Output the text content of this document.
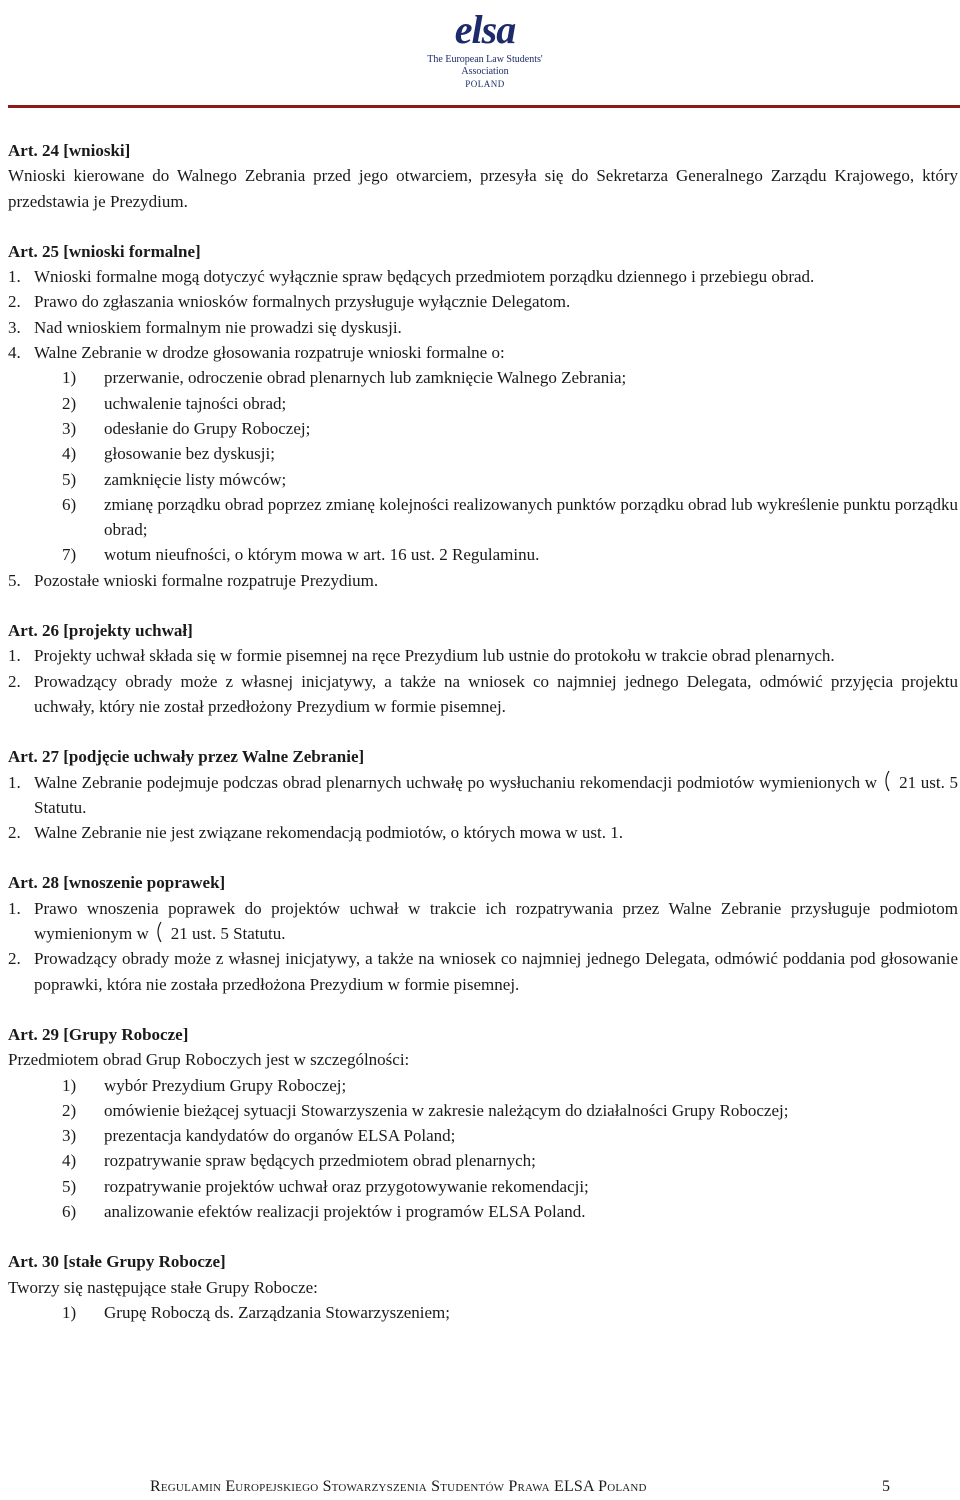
elsa
The European Law Students' Association
POLAND
Art. 24 [wnioski]
Wnioski kierowane do Walnego Zebrania przed jego otwarciem, przesyła się do Sekretarza Generalnego Zarządu Krajowego, który przedstawia je Prezydium.
Art. 25 [wnioski formalne]
1. Wnioski formalne mogą dotyczyć wyłącznie spraw będących przedmiotem porządku dziennego i przebiegu obrad.
2. Prawo do zgłaszania wniosków formalnych przysługuje wyłącznie Delegatom.
3. Nad wnioskiem formalnym nie prowadzi się dyskusji.
4. Walne Zebranie w drodze głosowania rozpatruje wnioski formalne o:
1) przerwanie, odroczenie obrad plenarnych lub zamknięcie Walnego Zebrania;
2) uchwalenie tajności obrad;
3) odesłanie do Grupy Roboczej;
4) głosowanie bez dyskusji;
5) zamknięcie listy mówców;
6) zmianę porządku obrad poprzez zmianę kolejności realizowanych punktów porządku obrad lub wykreślenie punktu porządku obrad;
7) wotum nieufności, o którym mowa w art. 16 ust. 2 Regulaminu.
5. Pozostałe wnioski formalne rozpatruje Prezydium.
Art. 26 [projekty uchwał]
1. Projekty uchwał składa się w formie pisemnej na ręce Prezydium lub ustnie do protokołu w trakcie obrad plenarnych.
2. Prowadzący obrady może z własnej inicjatywy, a także na wniosek co najmniej jednego Delegata, odmówić przyjęcia projektu uchwały, który nie został przedłożony Prezydium w formie pisemnej.
Art. 27 [podjęcie uchwały przez Walne Zebranie]
1. Walne Zebranie podejmuje podczas obrad plenarnych uchwałę po wysłuchaniu rekomendacji podmiotów wymienionych w 21 ust. 5 Statutu.
2. Walne Zebranie nie jest związane rekomendacją podmiotów, o których mowa w ust. 1.
Art. 28 [wnoszenie poprawek]
1. Prawo wnoszenia poprawek do projektów uchwał w trakcie ich rozpatrywania przez Walne Zebranie przysługuje podmiotom wymienionym w 21 ust. 5 Statutu.
2. Prowadzący obrady może z własnej inicjatywy, a także na wniosek co najmniej jednego Delegata, odmówić poddania pod głosowanie poprawki, która nie została przedłożona Prezydium w formie pisemnej.
Art. 29 [Grupy Robocze]
Przedmiotem obrad Grup Roboczych jest w szczególności:
1) wybór Prezydium Grupy Roboczej;
2) omówienie bieżącej sytuacji Stowarzyszenia w zakresie należącym do działalności Grupy Roboczej;
3) prezentacja kandydatów do organów ELSA Poland;
4) rozpatrywanie spraw będących przedmiotem obrad plenarnych;
5) rozpatrywanie projektów uchwał oraz przygotowywanie rekomendacji;
6) analizowanie efektów realizacji projektów i programów ELSA Poland.
Art. 30 [stałe Grupy Robocze]
Tworzy się następujące stałe Grupy Robocze:
1) Grupę Roboczą ds. Zarządzania Stowarzyszeniem;
Regulamin Europejskiego Stowarzyszenia Studentów Prawa ELSA Poland	5
